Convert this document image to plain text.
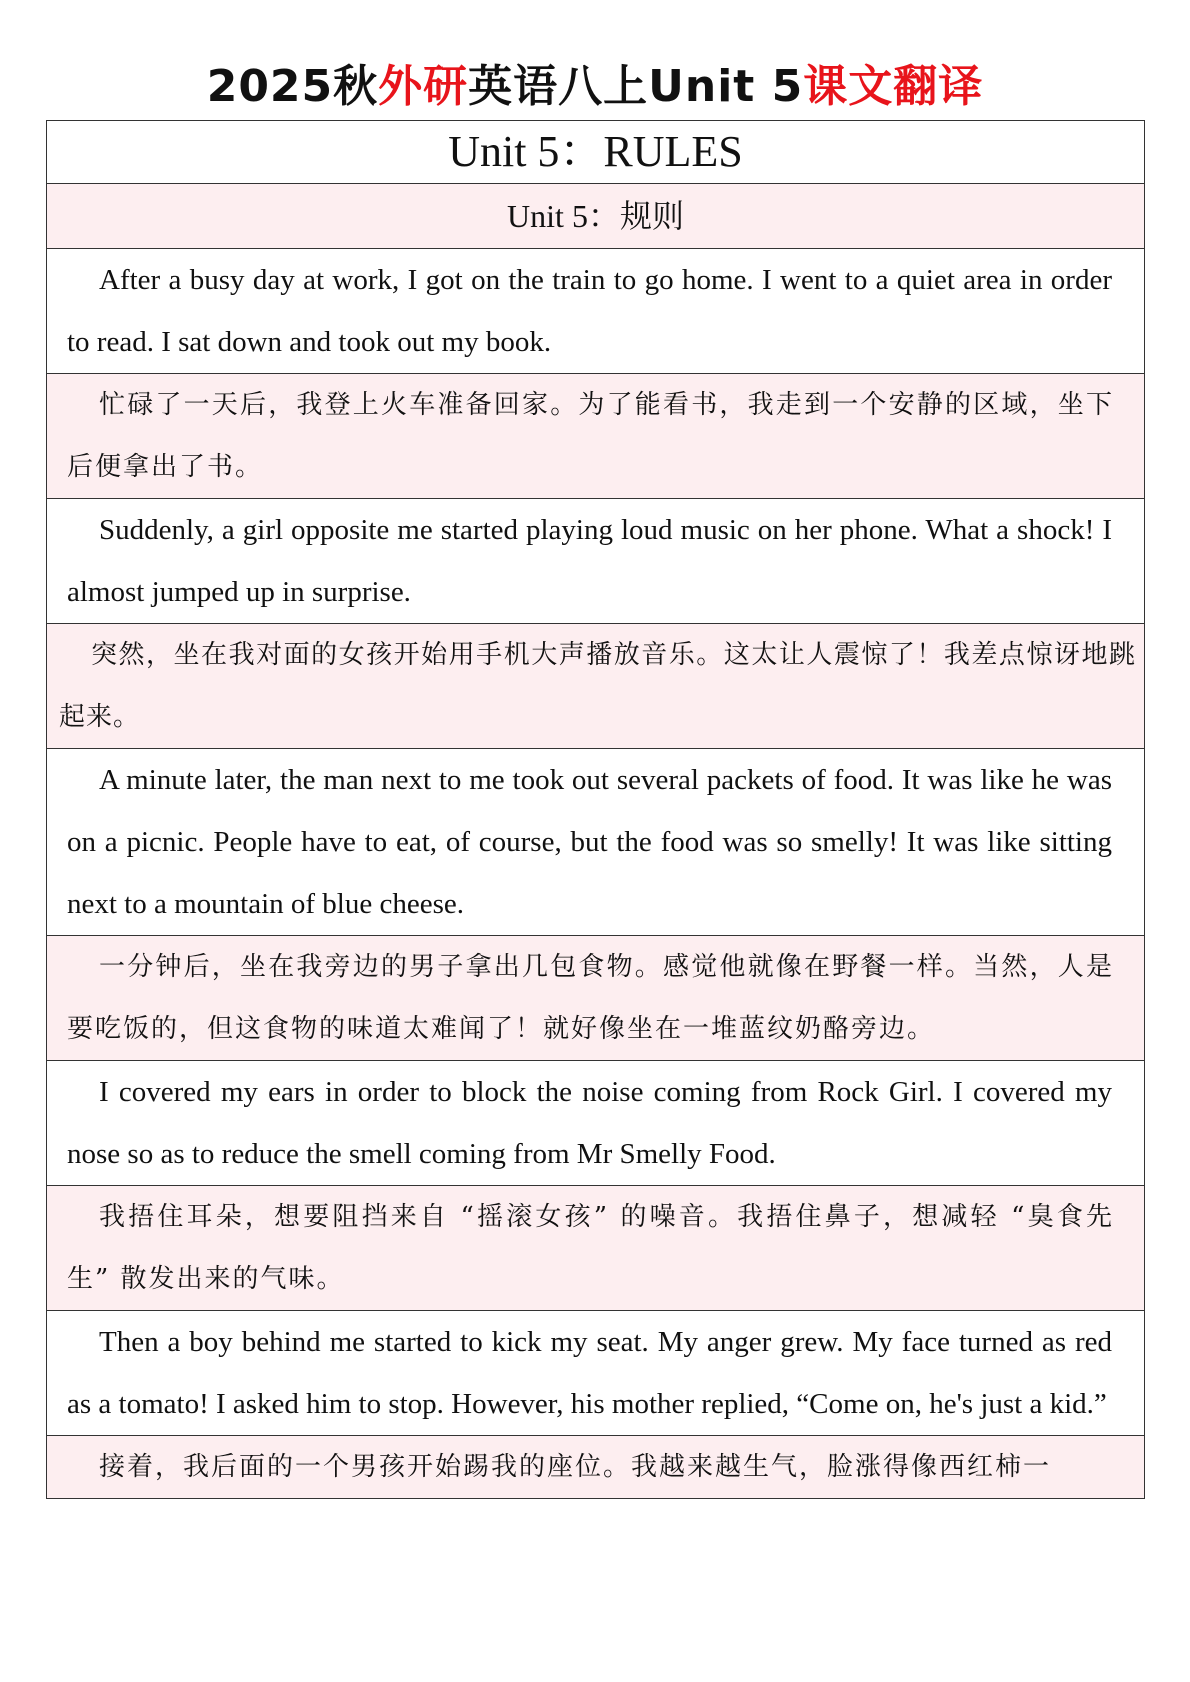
2025秋外研英语八上Unit 5课文翻译
Unit 5：RULES
Unit 5：规则
After a busy day at work, I got on the train to go home. I went to a quiet area in order to read. I sat down and took out my book.
忙碌了一天后，我登上火车准备回家。为了能看书，我走到一个安静的区域，坐下后便拿出了书。
Suddenly, a girl opposite me started playing loud music on her phone. What a shock! I almost jumped up in surprise.
突然，坐在我对面的女孩开始用手机大声播放音乐。这太让人震惊了！我差点惊讶地跳起来。
A minute later, the man next to me took out several packets of food. It was like he was on a picnic. People have to eat, of course, but the food was so smelly! It was like sitting next to a mountain of blue cheese.
一分钟后，坐在我旁边的男子拿出几包食物。感觉他就像在野餐一样。当然，人是要吃饭的，但这食物的味道太难闻了！就好像坐在一堆蓝纹奶酪旁边。
I covered my ears in order to block the noise coming from Rock Girl. I covered my nose so as to reduce the smell coming from Mr Smelly Food.
我捂住耳朵，想要阻挡来自 “摇滚女孩” 的噪音。我捂住鼻子，想减轻 “臭食先生” 散发出来的气味。
Then a boy behind me started to kick my seat. My anger grew. My face turned as red as a tomato! I asked him to stop. However, his mother replied, “Come on, he's just a kid.”
接着，我后面的一个男孩开始踢我的座位。我越来越生气，脸涨得像西红柿一
